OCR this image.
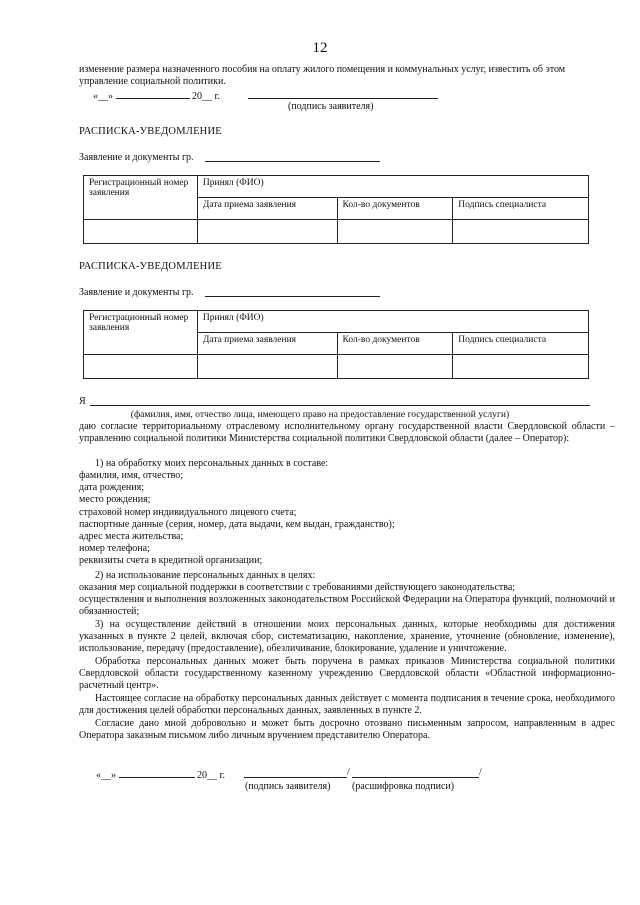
12
изменение размера назначенного пособия на оплату жилого помещения и коммунальных услуг, известить об этом
управление социальной политики.
«__»	20__ г.
(подпись заявителя)
РАСПИСКА-УВЕДОМЛЕНИЕ
Заявление и документы гр.
Регистрационный номер заявления	Принял (ФИО)		
	Дата приема заявления	Кол-во документов	Подпись специалиста

РАСПИСКА-УВЕДОМЛЕНИЕ
Заявление и документы гр.
Регистрационный номер заявления	Принял (ФИО)		
	Дата приема заявления	Кол-во документов	Подпись специалиста

Я
(фамилия, имя, отчество лица, имеющего право на предоставление государственной услуги)
даю согласие территориальному отраслевому исполнительному органу государственной власти Свердловской области – управлению социальной политики Министерства социальной политики Свердловской области (далее – Оператор):
1) на обработку моих персональных данных в составе:
фамилия, имя, отчество;
дата рождения;
место рождения;
страховой номер индивидуального лицевого счета;
паспортные данные (серия, номер, дата выдачи, кем выдан, гражданство);
адрес места жительства;
номер телефона;
реквизиты счета в кредитной организации;
2) на использование персональных данных в целях:
оказания мер социальной поддержки в соответствии с требованиями действующего законодательства;
осуществления и выполнения возложенных законодательством Российской Федерации на Оператора функций, полномочий и обязанностей;
3) на осуществление действий в отношении моих персональных данных, которые необходимы для достижения указанных в пункте 2 целей, включая сбор, систематизацию, накопление, хранение, уточнение (обновление, изменение), использование, передачу (предоставление), обезличивание, блокирование, удаление и уничтожение.
Обработка персональных данных может быть поручена в рамках приказов Министерства социальной политики Свердловской области государственному казенному учреждению Свердловской области «Областной информационно-расчетный центр».
Настоящее согласие на обработку персональных данных действует с момента подписания в течение срока, необходимого для достижения целей обработки персональных данных, заявленных в пункте 2.
Согласие дано мной добровольно и может быть досрочно отозвано письменным запросом, направленным в адрес Оператора заказным письмом либо личным вручением представителю Оператора.
«__»	20__ г.	/	/
(подпись заявителя) (расшифровка подписи)
